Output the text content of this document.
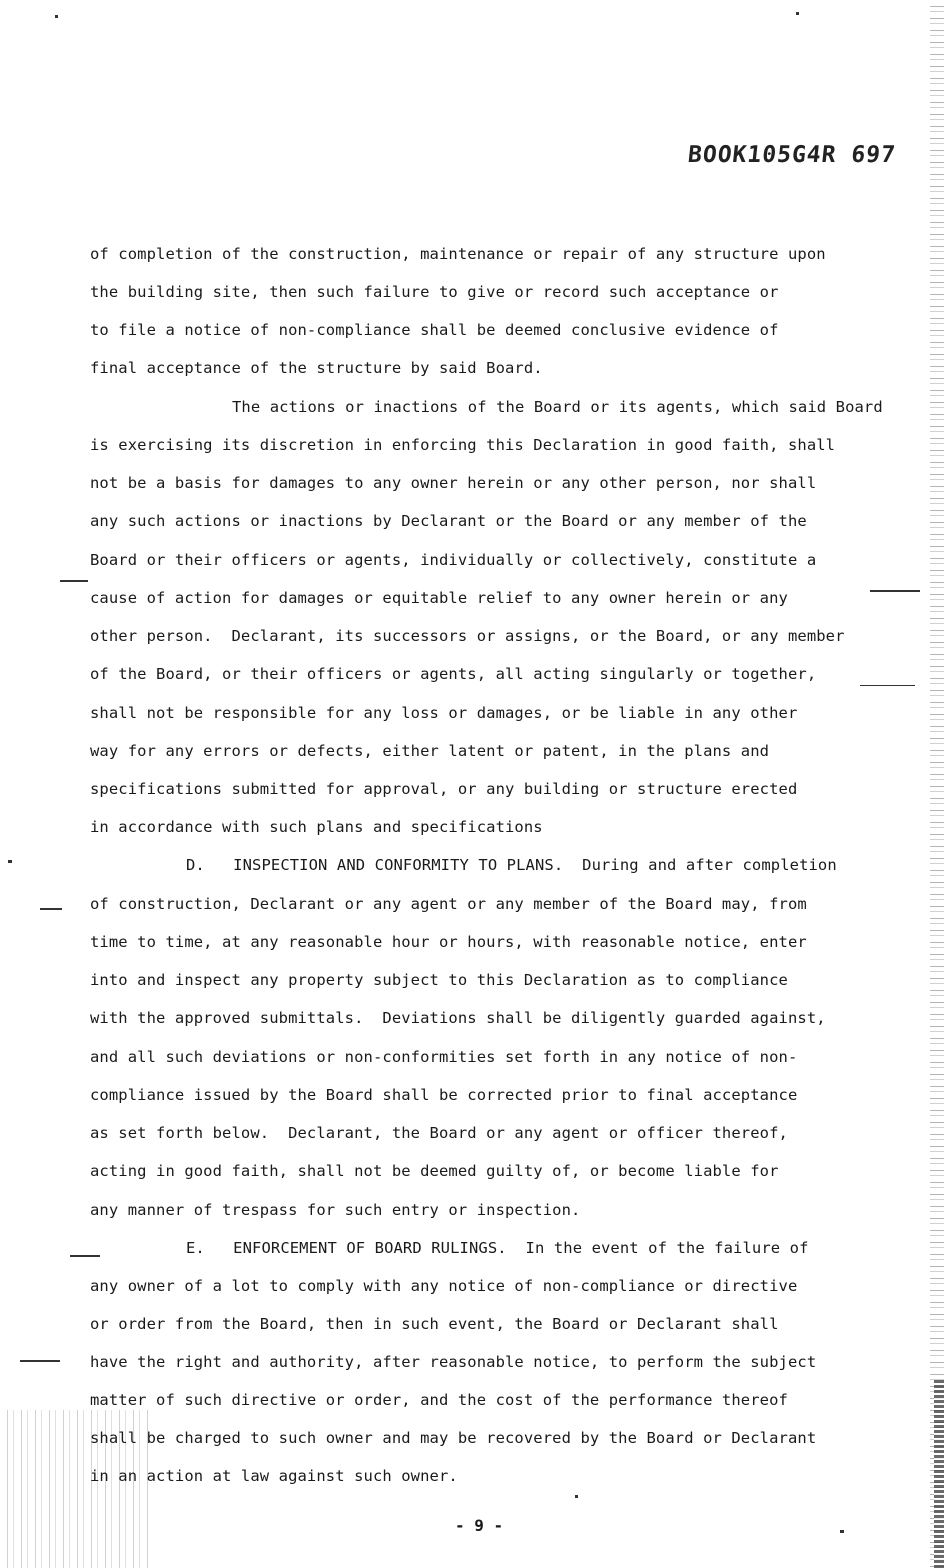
BOOK105G4R 697
of completion of the construction, maintenance or repair of any structure upon
the building site, then such failure to give or record such acceptance or
to file a notice of non-compliance shall be deemed conclusive evidence of
final acceptance of the structure by said Board.
The actions or inactions of the Board or its agents, which said Board
is exercising its discretion in enforcing this Declaration in good faith, shall
not be a basis for damages to any owner herein or any other person, nor shall
any such actions or inactions by Declarant or the Board or any member of the
Board or their officers or agents, individually or collectively, constitute a
cause of action for damages or equitable relief to any owner herein or any
other person.  Declarant, its successors or assigns, or the Board, or any member
of the Board, or their officers or agents, all acting singularly or together,
shall not be responsible for any loss or damages, or be liable in any other
way for any errors or defects, either latent or patent, in the plans and
specifications submitted for approval, or any building or structure erected
in accordance with such plans and specifications
D.   INSPECTION AND CONFORMITY TO PLANS.  During and after completion
of construction, Declarant or any agent or any member of the Board may, from
time to time, at any reasonable hour or hours, with reasonable notice, enter
into and inspect any property subject to this Declaration as to compliance
with the approved submittals.  Deviations shall be diligently guarded against,
and all such deviations or non-conformities set forth in any notice of non-
compliance issued by the Board shall be corrected prior to final acceptance
as set forth below.  Declarant, the Board or any agent or officer thereof,
acting in good faith, shall not be deemed guilty of, or become liable for
any manner of trespass for such entry or inspection.
E.   ENFORCEMENT OF BOARD RULINGS.  In the event of the failure of
any owner of a lot to comply with any notice of non-compliance or directive
or order from the Board, then in such event, the Board or Declarant shall
have the right and authority, after reasonable notice, to perform the subject
matter of such directive or order, and the cost of the performance thereof
shall be charged to such owner and may be recovered by the Board or Declarant
in an action at law against such owner.
- 9 -
